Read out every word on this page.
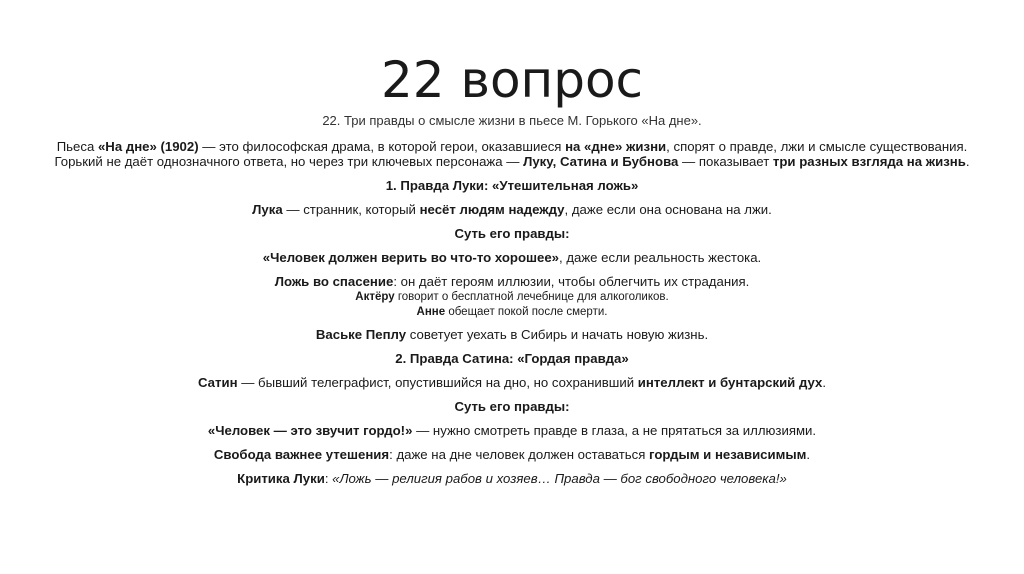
22 вопрос
22. Три правды о смысле жизни в пьесе М. Горького «На дне».
Пьеса «На дне» (1902) — это философская драма, в которой герои, оказавшиеся на «дне» жизни, спорят о правде, лжи и смысле существования.
Горький не даёт однозначного ответа, но через три ключевых персонажа — Луку, Сатина и Бубнова — показывает три разных взгляда на жизнь.
1. Правда Луки: «Утешительная ложь»
Лука — странник, который несёт людям надежду, даже если она основана на лжи.
Суть его правды:
«Человек должен верить во что-то хорошее», даже если реальность жестока.
Ложь во спасение: он даёт героям иллюзии, чтобы облегчить их страдания.
Актёру говорит о бесплатной лечебнице для алкоголиков.
Анне обещает покой после смерти.
Ваське Пеплу советует уехать в Сибирь и начать новую жизнь.
2. Правда Сатина: «Гордая правда»
Сатин — бывший телеграфист, опустившийся на дно, но сохранивший интеллект и бунтарский дух.
Суть его правды:
«Человек — это звучит гордо!» — нужно смотреть правде в глаза, а не прятаться за иллюзиями.
Свобода важнее утешения: даже на дне человек должен оставаться гордым и независимым.
Критика Луки: «Ложь — религия рабов и хозяев… Правда — бог свободного человека!»
